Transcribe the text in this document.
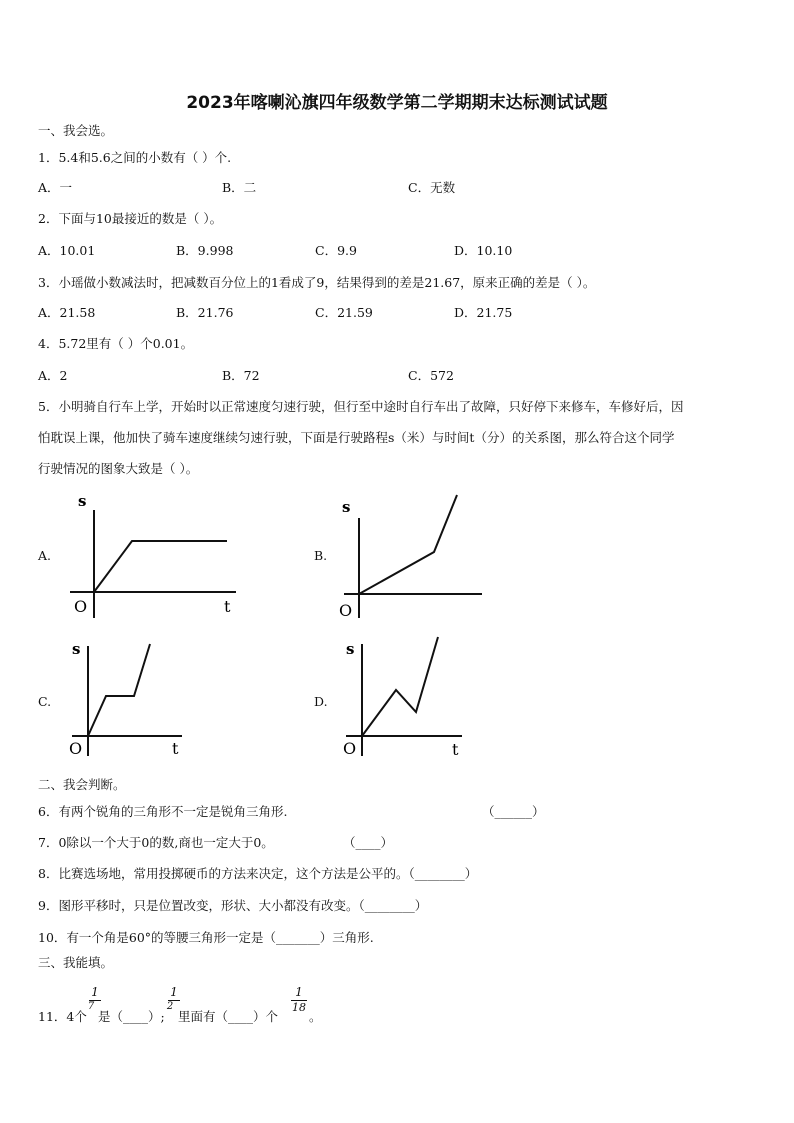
2023年喀喇沁旗四年级数学第二学期期末达标测试试题
一、我会选。
1．5.4和5.6之间的小数有（ ）个.
A．一	B．二	C．无数
2．下面与10最接近的数是（ ）。
A．10.01	B．9.998	C．9.9	D．10.10
3．小瑶做小数减法时，把减数百分位上的1看成了9，结果得到的差是21.67，原来正确的差是（ ）。
A．21.58	B．21.76	C．21.59	D．21.75
4．5.72里有（ ）个0.01。
A．2	B．72	C．572
5．小明骑自行车上学，开始时以正常速度匀速行驶，但行至中途时自行车出了故障，只好停下来修车，车修好后，因
怕耽误上课，他加快了骑车速度继续匀速行驶，下面是行驶路程s（米）与时间t（分）的关系图，那么符合这个同学
行驶情况的图象大致是（ ）。
A.
s
O	t
B.
s
O
C.
s
O	t
D.
s
O	t
二、我会判断。
6．有两个锐角的三角形不一定是锐角三角形.	（______）
7．0除以一个大于0的数,商也一定大于0。	（____）
8．比赛选场地，常用投掷硬币的方法来决定，这个方法是公平的。（________）
9．图形平移时，只是位置改变，形状、大小都没有改变。（________）
10．有一个角是60°的等腰三角形一定是（_______）三角形.
三、我能填。
11．4个
1
7
是（____）;
1
2
里面有（____）个
1
18
。
